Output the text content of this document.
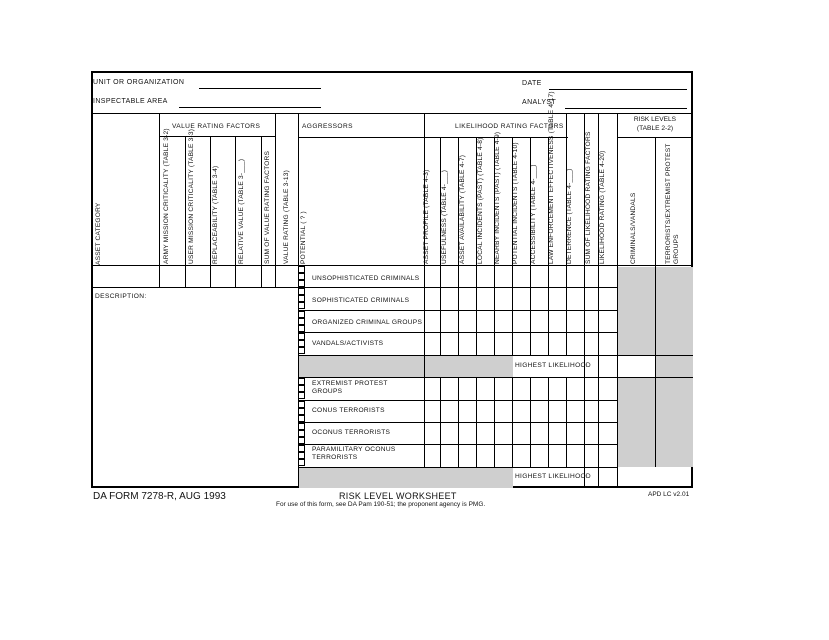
UNIT OR ORGANIZATION	DATE
INSPECTABLE AREA	ANALYST
ASSET CATEGORY
VALUE RATING FACTORS
ARMY MISSION CRITICALITY (TABLE 3-2)	USER MISSION CRITICALITY (TABLE 3-3)	REPLACEABILITY (TABLE 3-4)	RELATIVE VALUE (TABLE 3-___)	SUM OF VALUE RATING FACTORS	VALUE RATING (TABLE 3-13)
AGGRESSORS
POTENTIAL ( ? )
LIKELIHOOD RATING FACTORS
ASSET PROFILE (TABLE 4-3)	USEFULNESS (TABLE 4-___)	ASSET AVAILABILITY (TABLE 4-7)	LOCAL INCIDENTS (PAST) (TABLE 4-8)	NEARBY INCIDENTS (PAST) (TABLE 4-9)	POTENTIAL INCIDENTS (TABLE 4-10)	ACCESSIBILITY (TABLE 4-___)	LAW ENFORCEMENT EFFECTIVENESS (TABLE 4-17)	DETERRENCE (TABLE 4-___)	SUM OF LIKELIHOOD RATING FACTORS	LIKELIHOOD RATING (TABLE 4-20)
RISK LEVELS (TABLE 2-2)
CRIMINALS/VANDALS	TERRORISTS/EXTREMIST PROTEST GROUPS
DESCRIPTION:
UNSOPHISTICATED CRIMINALS
SOPHISTICATED CRIMINALS
ORGANIZED CRIMINAL GROUPS
VANDALS/ACTIVISTS
HIGHEST LIKELIHOOD
EXTREMIST PROTEST GROUPS
CONUS TERRORISTS
OCONUS TERRORISTS
PARAMILITARY OCONUS TERRORISTS
HIGHEST LIKELIHOOD
DA FORM 7278-R, AUG 1993	RISK LEVEL WORKSHEET
For use of this form, see DA Pam 190-51; the proponent agency is PMG.
APD LC v2.01
